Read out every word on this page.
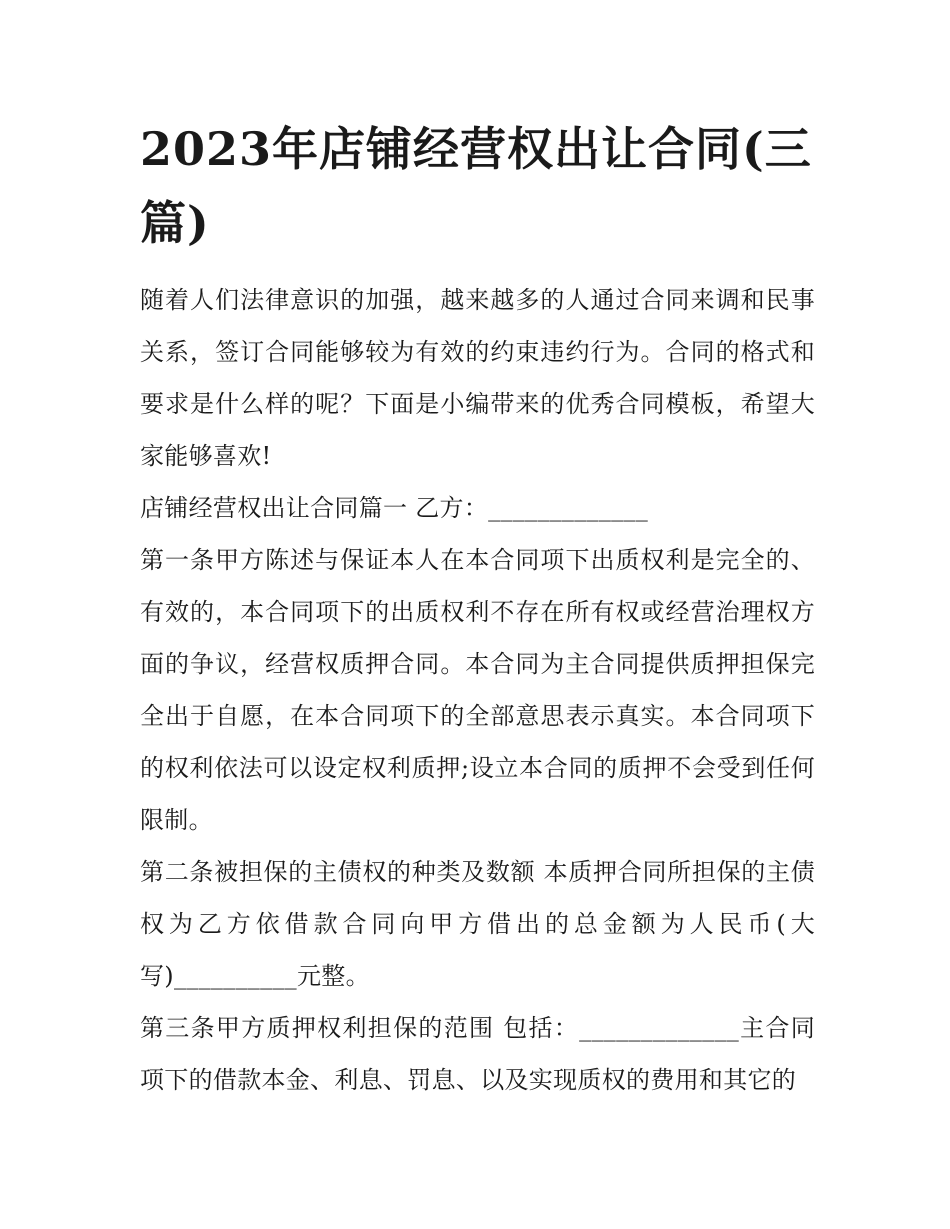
2023年店铺经营权出让合同(三篇)

随着人们法律意识的加强，越来越多的人通过合同来调和民事关系，签订合同能够较为有效的约束违约行为。合同的格式和要求是什么样的呢？下面是小编带来的优秀合同模板，希望大家能够喜欢!

店铺经营权出让合同篇一 乙方：_____________

第一条甲方陈述与保证本人在本合同项下出质权利是完全的、有效的，本合同项下的出质权利不存在所有权或经营治理权方面的争议，经营权质押合同。本合同为主合同提供质押担保完全出于自愿，在本合同项下的全部意思表示真实。本合同项下的权利依法可以设定权利质押;设立本合同的质押不会受到任何限制。

第二条被担保的主债权的种类及数额 本质押合同所担保的主债权为乙方依借款合同向甲方借出的总金额为人民币(大写)__________元整。

第三条甲方质押权利担保的范围 包括：_____________主合同项下的借款本金、利息、罚息、以及实现质权的费用和其它的
